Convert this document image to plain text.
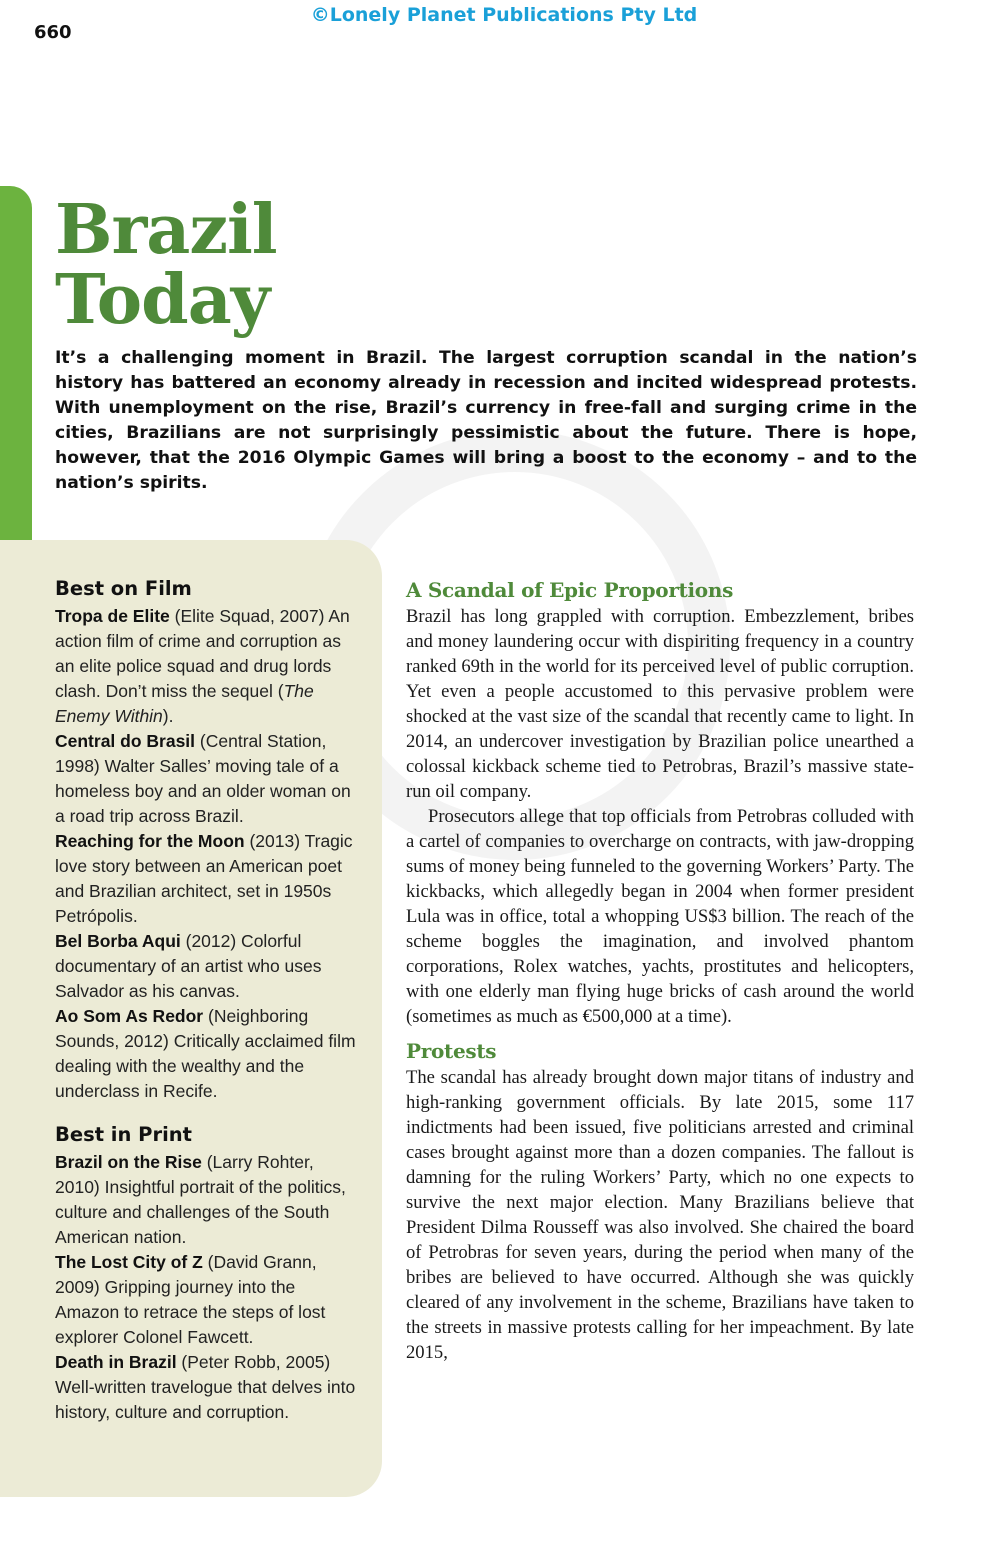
©Lonely Planet Publications Pty Ltd
660
Brazil
Today

It’s a challenging moment in Brazil. The largest corruption scandal in the nation’s history has battered an economy already in recession and incited widespread protests. With unemployment on the rise, Brazil’s currency in free-fall and surging crime in the cities, Brazilians are not surprisingly pessimistic about the future. There is hope, however, that the 2016 Olympic Games will bring a boost to the economy – and to the nation’s spirits.

Best on Film

Tropa de Elite (Elite Squad, 2007) An action film of crime and corruption as an elite police squad and drug lords clash. Don’t miss the sequel (The Enemy Within).

Central do Brasil (Central Station, 1998) Walter Salles’ moving tale of a homeless boy and an older woman on a road trip across Brazil.

Reaching for the Moon (2013) Tragic love story between an American poet and Brazilian architect, set in 1950s Petrópolis.

Bel Borba Aqui (2012) Colorful documentary of an artist who uses Salvador as his canvas.

Ao Som As Redor (Neighboring Sounds, 2012) Critically acclaimed film dealing with the wealthy and the underclass in Recife.

Best in Print

Brazil on the Rise (Larry Rohter, 2010) Insightful portrait of the politics, culture and challenges of the South American nation.

The Lost City of Z (David Grann, 2009) Gripping journey into the Amazon to retrace the steps of lost explorer Colonel Fawcett.

Death in Brazil (Peter Robb, 2005) Well-written travelogue that delves into history, culture and corruption.

A Scandal of Epic Proportions

Brazil has long grappled with corruption. Embezzlement, bribes and money laundering occur with dispiriting frequency in a country ranked 69th in the world for its perceived level of public corruption. Yet even a people accustomed to this pervasive problem were shocked at the vast size of the scandal that recently came to light. In 2014, an undercover investigation by Brazilian police unearthed a colossal kickback scheme tied to Petrobras, Brazil’s massive state-run oil company.

Prosecutors allege that top officials from Petrobras colluded with a cartel of companies to overcharge on contracts, with jaw-dropping sums of money being funneled to the governing Workers’ Party. The kickbacks, which allegedly began in 2004 when former president Lula was in office, total a whopping US$3 billion. The reach of the scheme boggles the imagination, and involved phantom corporations, Rolex watches, yachts, prostitutes and helicopters, with one elderly man flying huge bricks of cash around the world (sometimes as much as €500,000 at a time).

Protests

The scandal has already brought down major titans of industry and high-ranking government officials. By late 2015, some 117 indictments had been issued, five politicians arrested and criminal cases brought against more than a dozen companies. The fallout is damning for the ruling Workers’ Party, which no one expects to survive the next major election. Many Brazilians believe that President Dilma Rousseff was also involved. She chaired the board of Petrobras for seven years, during the period when many of the bribes are believed to have occurred. Although she was quickly cleared of any involvement in the scheme, Brazilians have taken to the streets in massive protests calling for her impeachment. By late 2015,
